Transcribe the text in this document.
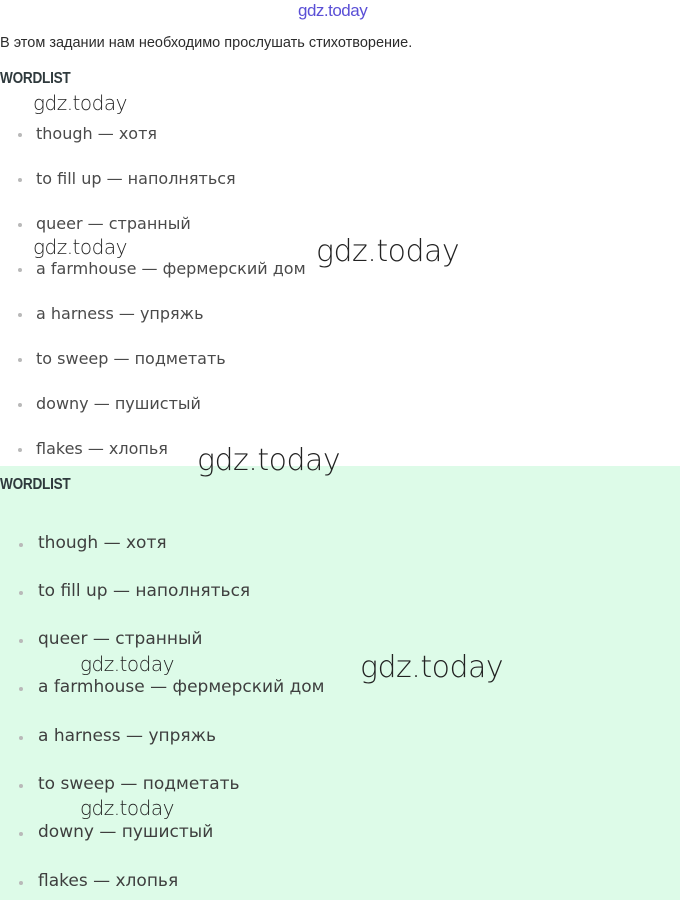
gdz.today
В этом задании нам необходимо прослушать стихотворение.
WORDLIST
though — хотя
to fill up — наполняться
queer — странный
a farmhouse — фермерский дом
a harness — упряжь
to sweep — подметать
downy — пушистый
flakes — хлопья
WORDLIST
though — хотя
to fill up — наполняться
queer — странный
a farmhouse — фермерский дом
a harness — упряжь
to sweep — подметать
downy — пушистый
flakes — хлопья
gdz.today
gdz.today	gdz.today
gdz.today
gdz.today	gdz.today
gdz.today
